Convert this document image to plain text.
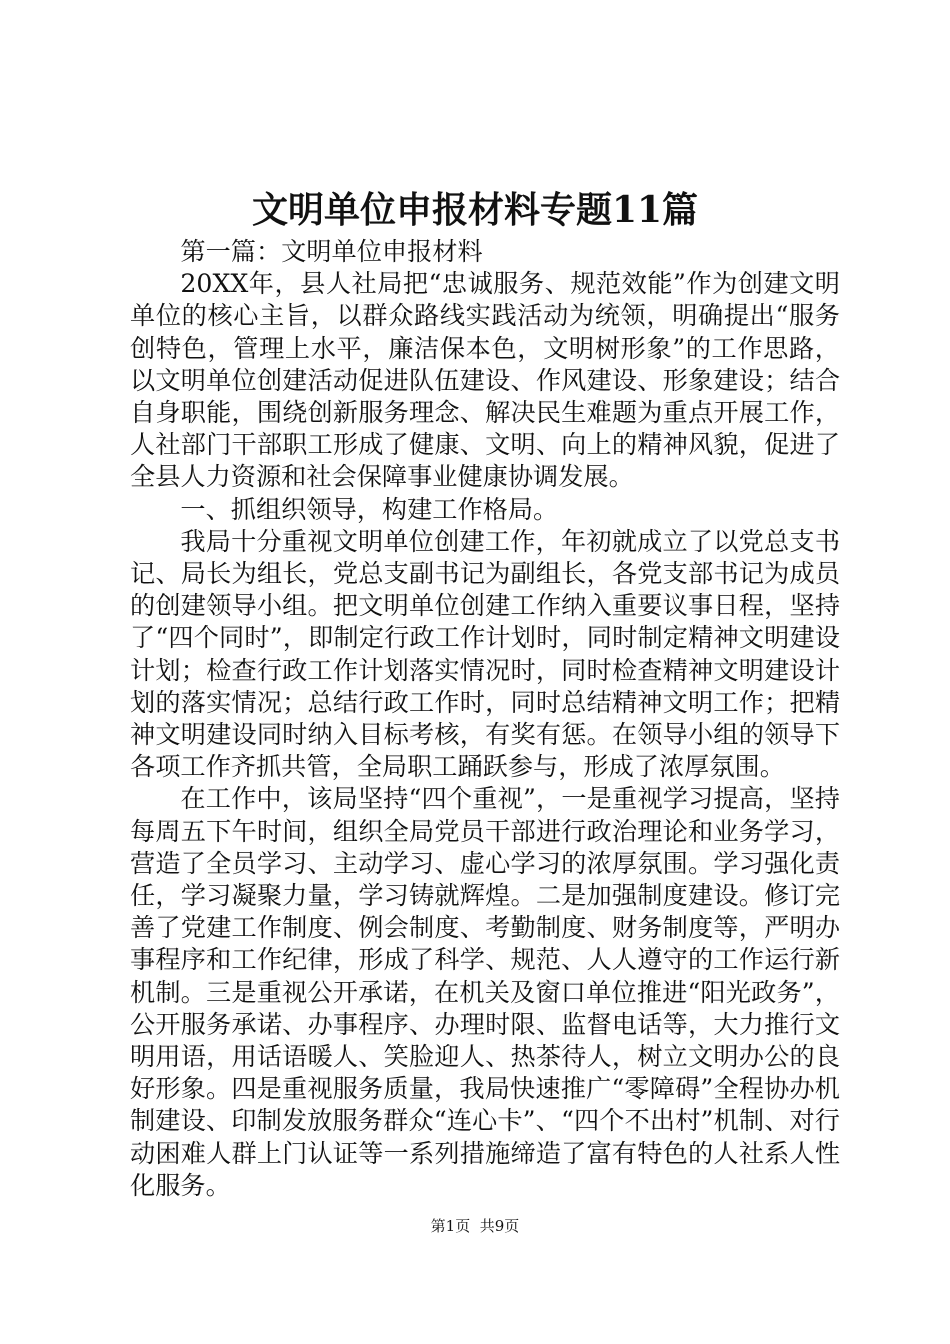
文明单位申报材料专题11篇

第一篇：文明单位申报材料

20XX年，县人社局把“忠诚服务、规范效能”作为创建文明单位的核心主旨，以群众路线实践活动为统领，明确提出“服务创特色，管理上水平，廉洁保本色，文明树形象”的工作思路，以文明单位创建活动促进队伍建设、作风建设、形象建设；结合自身职能，围绕创新服务理念、解决民生难题为重点开展工作，人社部门干部职工形成了健康、文明、向上的精神风貌，促进了全县人力资源和社会保障事业健康协调发展。

一、抓组织领导，构建工作格局。

我局十分重视文明单位创建工作，年初就成立了以党总支书记、局长为组长，党总支副书记为副组长，各党支部书记为成员的创建领导小组。把文明单位创建工作纳入重要议事日程，坚持了“四个同时”，即制定行政工作计划时，同时制定精神文明建设计划；检查行政工作计划落实情况时，同时检查精神文明建设计划的落实情况；总结行政工作时，同时总结精神文明工作；把精神文明建设同时纳入目标考核，有奖有惩。在领导小组的领导下各项工作齐抓共管，全局职工踊跃参与，形成了浓厚氛围。

在工作中，该局坚持“四个重视”，一是重视学习提高，坚持每周五下午时间，组织全局党员干部进行政治理论和业务学习，营造了全员学习、主动学习、虚心学习的浓厚氛围。学习强化责任，学习凝聚力量，学习铸就辉煌。二是加强制度建设。修订完善了党建工作制度、例会制度、考勤制度、财务制度等，严明办事程序和工作纪律，形成了科学、规范、人人遵守的工作运行新机制。三是重视公开承诺，在机关及窗口单位推进“阳光政务”，公开服务承诺、办事程序、办理时限、监督电话等，大力推行文明用语，用话语暖人、笑脸迎人、热茶待人，树立文明办公的良好形象。四是重视服务质量，我局快速推广“零障碍”全程协办机制建设、印制发放服务群众“连心卡”、“四个不出村”机制、对行动困难人群上门认证等一系列措施缔造了富有特色的人社系人性化服务。

第1页 共9页
